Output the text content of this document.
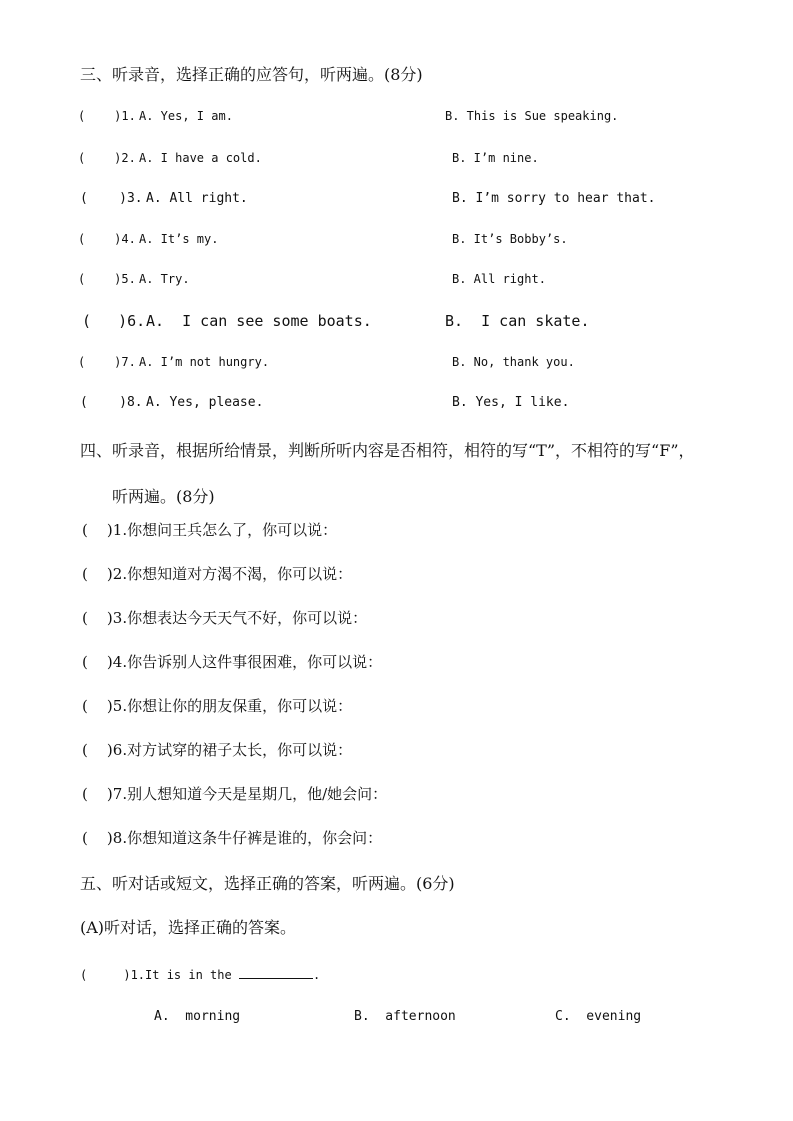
三、听录音，选择正确的应答句，听两遍。(8分)
(    )1. A. Yes, I am.	B. This is Sue speaking.
(    )2. A. I have a cold.	B. I’m nine.
(    )3. A. All right.	B. I’m sorry to hear that.
(    )4. A. It’s my.	B. It’s Bobby’s.
(    )5. A. Try.	B. All right.
(   )6. A.  I can see some boats.	B.  I can skate.
(    )7. A. I’m not hungry.	B. No, thank you.
(    )8. A. Yes, please.	B. Yes, I like.
四、听录音，根据所给情景，判断所听内容是否相符，相符的写“T”，不相符的写“F”，
听两遍。(8分)
(    )1.你想问王兵怎么了，你可以说：
(    )2.你想知道对方渴不渴，你可以说：
(    )3.你想表达今天天气不好，你可以说：
(    )4.你告诉别人这件事很困难，你可以说：
(    )5.你想让你的朋友保重，你可以说：
(    )6.对方试穿的裙子太长，你可以说：
(    )7.别人想知道今天是星期几，他/她会问：
(    )8.你想知道这条牛仔裤是谁的，你会问：
五、听对话或短文，选择正确的答案，听两遍。(6分)
(A)听对话，选择正确的答案。
(     )1.It is in the	.
A.  morning	B.  afternoon	C.  evening
